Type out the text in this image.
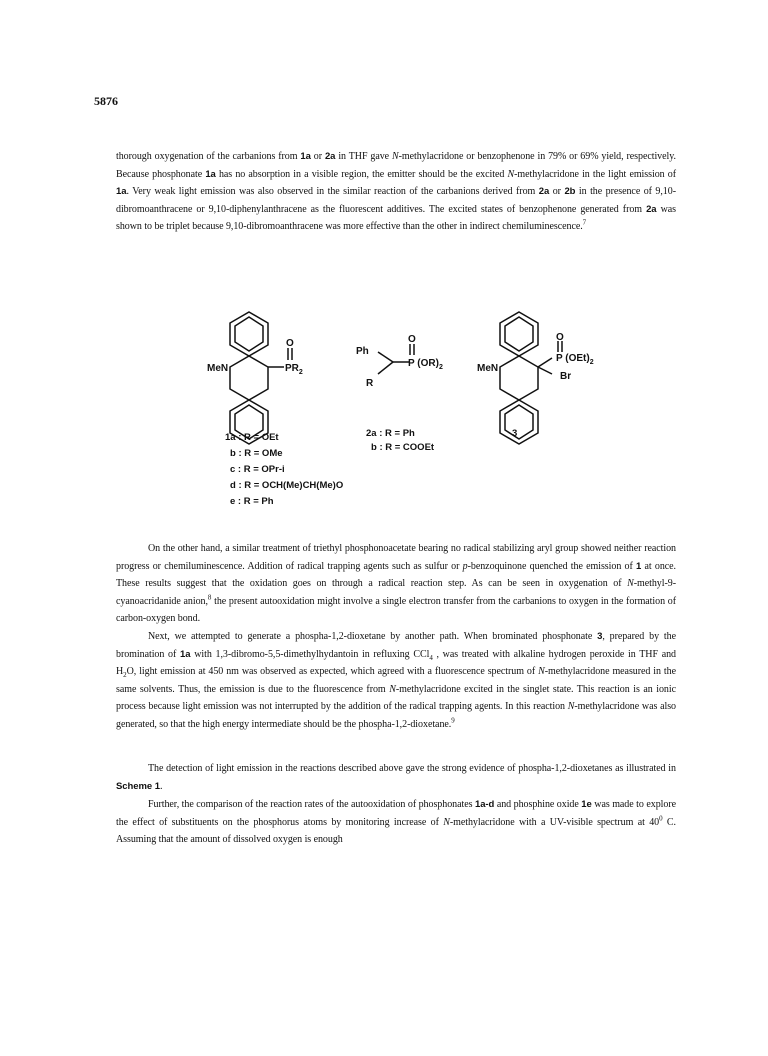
5876
thorough oxygenation of the carbanions from 1a or 2a in THF gave N-methylacridone or benzophenone in 79% or 69% yield, respectively. Because phosphonate 1a has no absorption in a visible region, the emitter should be the excited N-methylacridone in the light emission of 1a. Very weak light emission was also observed in the similar reaction of the carbanions derived from 2a or 2b in the presence of 9,10-dibromoanthracene or 9,10-diphenylanthracene as the fluorescent additives. The excited states of benzophenone generated from 2a was shown to be triplet because 9,10-dibromoanthracene was more effective than the other in indirect chemiluminescence.$^7$
MeN	$PR_2$
O
Ph
R
P $(OR)_2$
O
MeN
P $(OEt)_2$
Br
O
1a : R = OEt
b : R = OMe
c : R = OPr-i
d : R = OCH(Me)CH(Me)O
e : R = Ph
2a : R = Ph
b : R = COOEt
3
On the other hand, a similar treatment of triethyl phosphonoacetate bearing no radical stabilizing aryl group showed neither reaction progress or chemiluminescence. Addition of radical trapping agents such as sulfur or p-benzoquinone quenched the emission of 1 at once. These results suggest that the oxidation goes on through a radical reaction step. As can be seen in oxygenation of N-methyl-9-cyanoacridanide anion,$^8$ the present autooxidation might involve a single electron transfer from the carbanions to oxygen in the formation of carbon-oxygen bond.
Next, we attempted to generate a phospha-1,2-dioxetane by another path. When brominated phosphonate 3, prepared by the bromination of 1a with 1,3-dibromo-5,5-dimethylhydantoin in refluxing CCl$_4$ , was treated with alkaline hydrogen peroxide in THF and $H_2O$, light emission at 450 nm was observed as expected, which agreed with a fluorescence spectrum of N-methylacridone measured in the same solvents. Thus, the emission is due to the fluorescence from N-methylacridone excited in the singlet state. This reaction is an ionic process because light emission was not interrupted by the addition of the radical trapping agents. In this reaction N-methylacridone was also generated, so that the high energy intermediate should be the phospha-1,2-dioxetane.$^9$
The detection of light emission in the reactions described above gave the strong evidence of phospha-1,2-dioxetanes as illustrated in Scheme 1.
Further, the comparison of the reaction rates of the autooxidation of phosphonates 1a-d and phosphine oxide 1e was made to explore the effect of substituents on the phosphorus atoms by monitoring increase of N-methylacridone with a UV-visible spectrum at $40^0$ C. Assuming that the amount of dissolved oxygen is enough
